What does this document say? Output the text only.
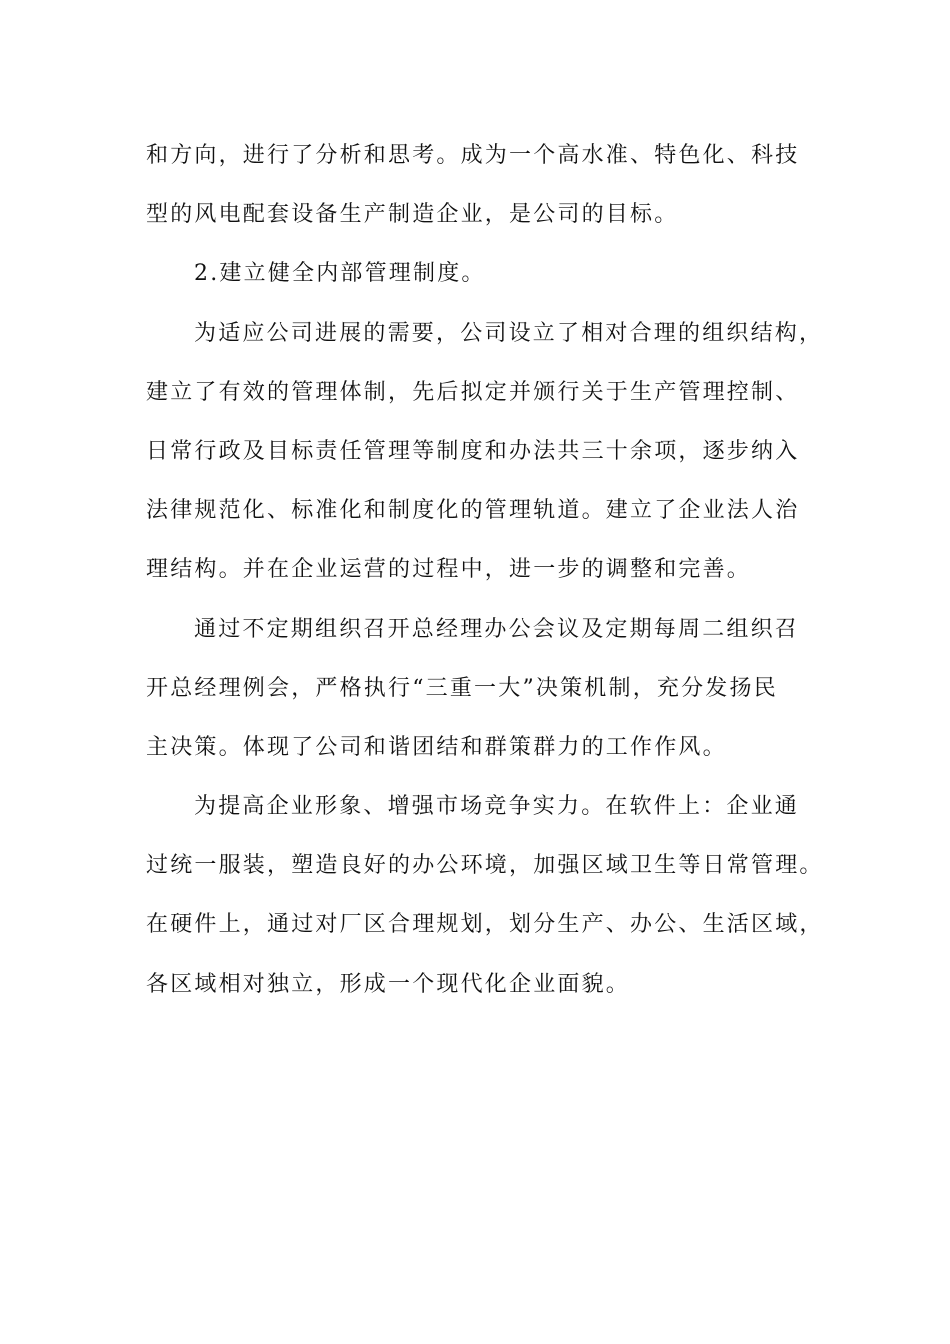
和方向，进行了分析和思考。成为一个高水准、特色化、科技
型的风电配套设备生产制造企业，是公司的目标。
2.建立健全内部管理制度。
为适应公司进展的需要，公司设立了相对合理的组织结构，
建立了有效的管理体制，先后拟定并颁行关于生产管理控制、
日常行政及目标责任管理等制度和办法共三十余项，逐步纳入
法律规范化、标准化和制度化的管理轨道。建立了企业法人治
理结构。并在企业运营的过程中，进一步的调整和完善。
通过不定期组织召开总经理办公会议及定期每周二组织召
开总经理例会，严格执行“三重一大”决策机制，充分发扬民
主决策。体现了公司和谐团结和群策群力的工作作风。
为提高企业形象、增强市场竞争实力。在软件上：企业通
过统一服装，塑造良好的办公环境，加强区域卫生等日常管理。
在硬件上，通过对厂区合理规划，划分生产、办公、生活区域，
各区域相对独立，形成一个现代化企业面貌。
